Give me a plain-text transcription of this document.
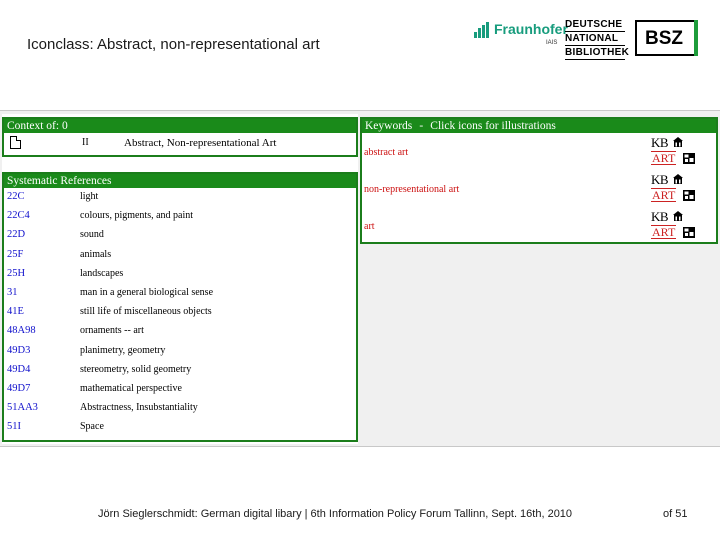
Iconclass: Abstract, non-representational art
Fraunhofer
IAIS
DEUTSCHE
NATIONAL
BIBLIOTHEK
BSZ
Context of: 0
II	Abstract, Non-representational Art
Systematic References
22C	light
22C4	colours, pigments, and paint
22D	sound
25F	animals
25H	landscapes
31	man in a general biological sense
41E	still life of miscellaneous objects
48A98	ornaments -- art
49D3	planimetry, geometry
49D4	stereometry, solid geometry
49D7	mathematical perspective
51AA3	Abstractness, Insubstantiality
51I	Space
Keywords - Click icons for illustrations
abstract art
KB
ART
non-representational art
KB
ART
art
KB
ART
Jörn Sieglerschmidt: German digital libary | 6th Information Policy Forum Tallinn, Sept. 16th, 2010	of 51
